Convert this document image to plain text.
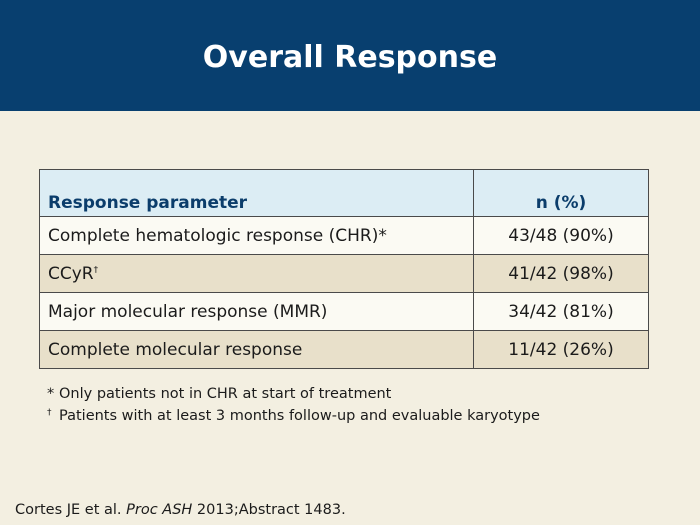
Overall Response
Response parameter	n (%)
Complete hematologic response (CHR)*	43/48 (90%)
CCyR†	41/42 (98%)
Major molecular response (MMR)	34/42 (81%)
Complete molecular response	11/42 (26%)
* Only patients not in CHR at start of treatment
† Patients with at least 3 months follow-up and evaluable karyotype
Cortes JE et al. Proc ASH 2013;Abstract 1483.
